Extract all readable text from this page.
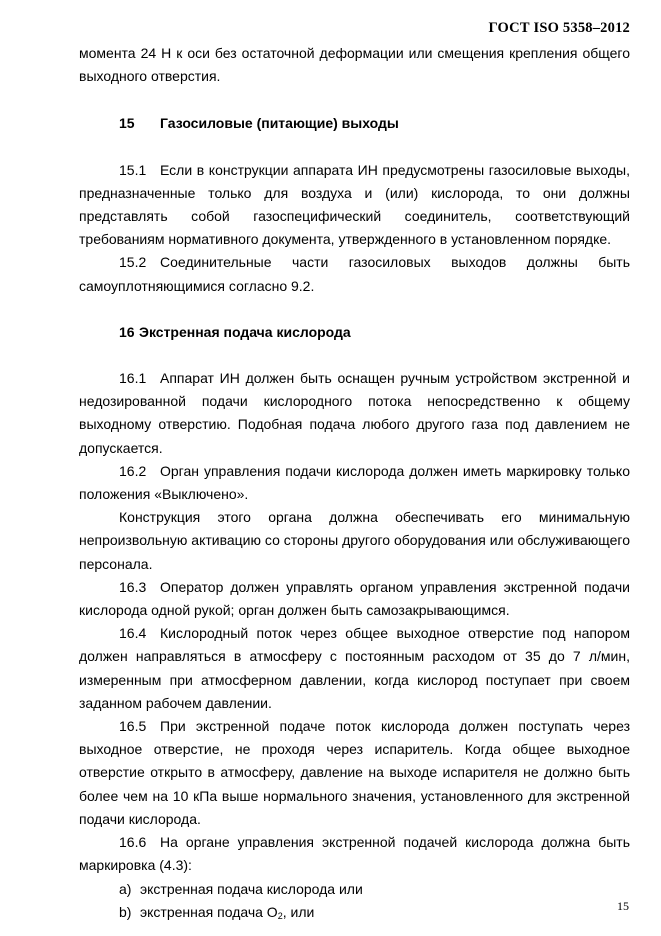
ГОСТ ISO 5358–2012

момента 24 Н к оси без остаточной деформации или смещения крепления общего выходного отверстия.

15 Газосиловые (питающие) выходы

15.1 Если в конструкции аппарата ИН предусмотрены газосиловые выходы, предназначенные только для воздуха и (или) кислорода, то они должны представлять собой газоспецифический соединитель, соответствующий требованиям нормативного документа, утвержденного в установленном порядке.

15.2 Соединительные части газосиловых выходов должны быть самоуплотняющимися согласно 9.2.

16 Экстренная подача кислорода

16.1 Аппарат ИН должен быть оснащен ручным устройством экстренной и недозированной подачи кислородного потока непосредственно к общему выходному отверстию. Подобная подача любого другого газа под давлением не допускается.

16.2 Орган управления подачи кислорода должен иметь маркировку только положения «Выключено».

Конструкция этого органа должна обеспечивать его минимальную непроизвольную активацию со стороны другого оборудования или обслуживающего персонала.

16.3 Оператор должен управлять органом управления экстренной подачи кислорода одной рукой; орган должен быть самозакрывающимся.

16.4 Кислородный поток через общее выходное отверстие под напором должен направляться в атмосферу с постоянным расходом от 35 до 7 л/мин, измеренным при атмосферном давлении, когда кислород поступает при своем заданном рабочем давлении.

16.5 При экстренной подаче поток кислорода должен поступать через выходное отверстие, не проходя через испаритель. Когда общее выходное отверстие открыто в атмосферу, давление на выходе испарителя не должно быть более чем на 10 кПа выше нормального значения, установленного для экстренной подачи кислорода.

16.6 На органе управления экстренной подачей кислорода должна быть маркировка (4.3):

a) экстренная подача кислорода или

b) экстренная подача $O_2$, или	15
